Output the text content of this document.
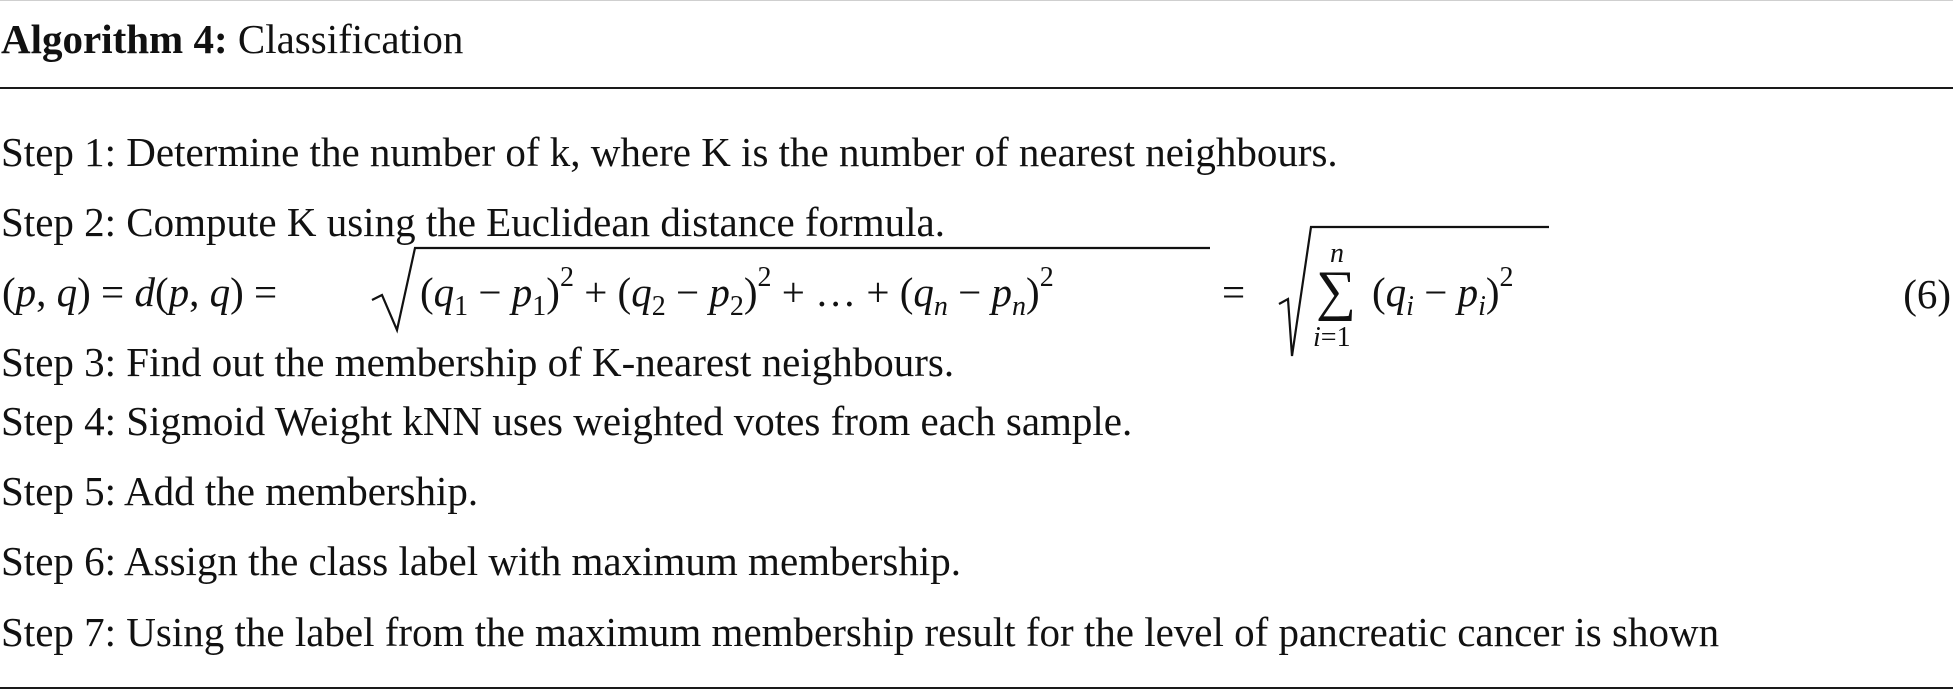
Algorithm 4: Classification
Step 1: Determine the number of k, where K is the number of nearest neighbours.
Step 2: Compute K using the Euclidean distance formula.
(p, q) = d(p, q) =	$(q_1 - p_1)^2 + (q_2 - p_2)^2$ + … + $(q_n - p_n)^2$	= ∑
n
i=1
$(q_i - p_i)^2$	(6)
Step 3: Find out the membership of K-nearest neighbours.
Step 4: Sigmoid Weight kNN uses weighted votes from each sample.
Step 5: Add the membership.
Step 6: Assign the class label with maximum membership.
Step 7: Using the label from the maximum membership result for the level of pancreatic cancer is shown
